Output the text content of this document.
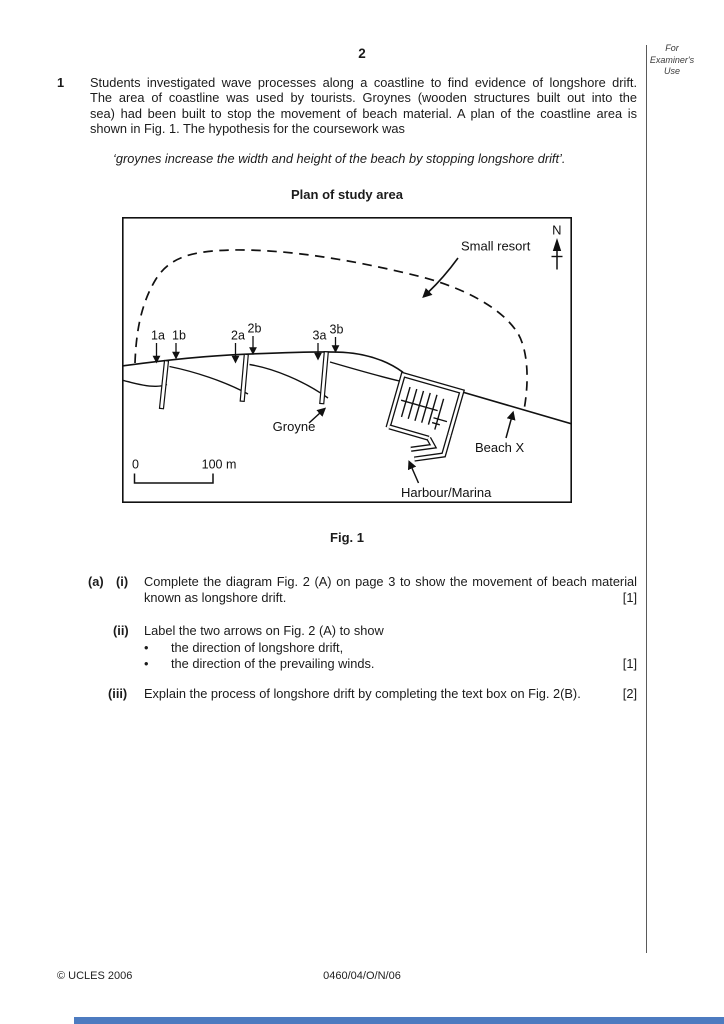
2	For
Examiner's
Use
1 Students investigated wave processes along a coastline to find evidence of longshore drift.
The area of coastline was used by tourists. Groynes (wooden structures built out into the
sea) had been built to stop the movement of beach material. A plan of the coastline area is
shown in Fig. 1. The hypothesis for the coursework was
‘groynes increase the width and height of the beach by stopping longshore drift’.
Plan of study area
N
Small resort
1a 1b	2a 2b	3a 3b
Groyne
Beach X
Harbour/Marina
0	100 m
Fig. 1
(a) (i) Complete the diagram Fig. 2 (A) on page 3 to show the movement of beach material
known as longshore drift.	[1]
(ii) Label the two arrows on Fig. 2 (A) to show
• the direction of longshore drift,
• the direction of the prevailing winds.	[1]
(iii) Explain the process of longshore drift by completing the text box on Fig. 2(B).	[2]
© UCLES 2006	0460/04/O/N/06
